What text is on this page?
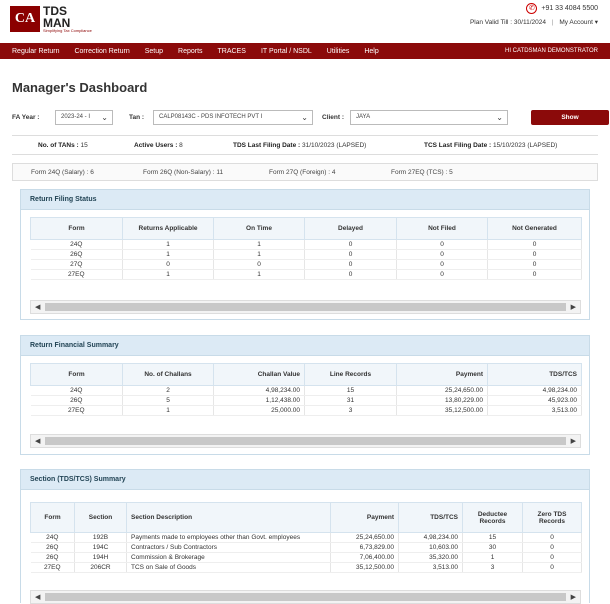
CA TDS
MAN
Simplifying Tax Compliance
✆ +91 33 4084 5500
Plan Valid Till : 30/11/2024 | My Account ▾
Regular Return Correction Return Setup Reports TRACES IT Portal / NSDL Utilities Help	HI CATDSMAN DEMONSTRATOR
Manager's Dashboard
FA Year :	2023-24 - I ⌄	Tan :	CALP08143C - PDS INFOTECH PVT I	⌄ Client :	JAYA	⌄	Show
No. of TANs : 15	Active Users : 8	TDS Last Filing Date : 31/10/2023 (LAPSED)	TCS Last Filing Date : 15/10/2023 (LAPSED)
Form 24Q (Salary) : 6	Form 26Q (Non-Salary) : 11	Form 27Q (Foreign) : 4	Form 27EQ (TCS) : 5
Return Filing Status
Form	Returns Applicable	On Time	Delayed	Not Filed	Not Generated
24Q	1	1	0	0	0
26Q	1	1	0	0	0
27Q	0	0	0	0	0
27EQ	1	1	0	0	0
◀	▶
Return Financial Summary
Form	No. of Challans	Challan Value	Line Records	Payment	TDS/TCS
24Q	2	4,98,234.00	15	25,24,650.00	4,98,234.00
26Q	5	1,12,438.00	31	13,80,229.00	45,923.00
27EQ	1	25,000.00	3	35,12,500.00	3,513.00
◀	▶
Section (TDS/TCS) Summary
Form	Section	Section Description	Payment	TDS/TCS	Deductee Records	Zero TDS Records
24Q	192B	Payments made to employees other than Govt. employees	25,24,650.00	4,98,234.00	15	0
26Q	194C	Contractors / Sub Contractors	6,73,829.00	10,603.00	30	0
26Q	194H	Commission & Brokerage	7,06,400.00	35,320.00	1	0
27EQ	206CR	TCS on Sale of Goods	35,12,500.00	3,513.00	3	0
◀	▶
